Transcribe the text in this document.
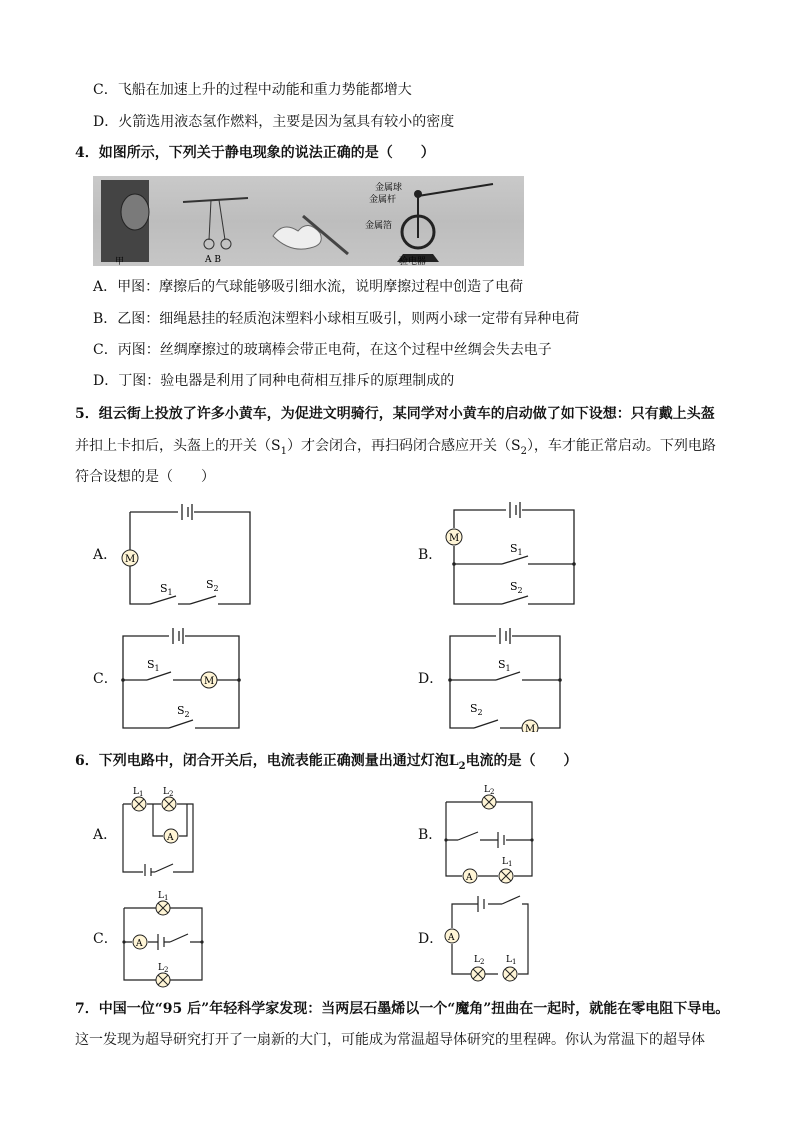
C．飞船在加速上升的过程中动能和重力势能都增大
D．火箭选用液态氢作燃料，主要是因为氢具有较小的密度
4．如图所示，下列关于静电现象的说法正确的是（　　）
A B
甲
金属球
金属杆
金属箔
验电器
A．甲图：摩擦后的气球能够吸引细水流，说明摩擦过程中创造了电荷
B．乙图：细绳悬挂的轻质泡沫塑料小球相互吸引，则两小球一定带有异种电荷
C．丙图：丝绸摩擦过的玻璃棒会带正电荷，在这个过程中丝绸会失去电子
D．丁图：验电器是利用了同种电荷相互排斥的原理制成的
5．组云街上投放了许多小黄车，为促进文明骑行，某同学对小黄车的启动做了如下设想：只有戴上头盔
并扣上卡扣后，头盔上的开关$(S_1)$才会闭合，再扫码闭合感应开关$(S_2)$，车才能正常启动。下列电路
符合设想的是（　　）
A．	B．
C．	D．
M
$S_1$
$S_2$
M
$S_1$
$S_2$
M
$S_1$
$S_2$
M
$S_1$
$S_2$
6．下列电路中，闭合开关后，电流表能正确测量出通过灯泡$L_2$电流的是（　　）
A．	B．
C．	D．
A
$L_1$ $L_2$
A
$L_2$
$L_1$
A
$L_1$
$L_2$
A
$L_2$ $L_1$
7．中国一位“95 后”年轻科学家发现：当两层石墨烯以一个“魔角”扭曲在一起时，就能在零电阻下导电。
这一发现为超导研究打开了一扇新的大门，可能成为常温超导体研究的里程碑。你认为常温下的超导体
